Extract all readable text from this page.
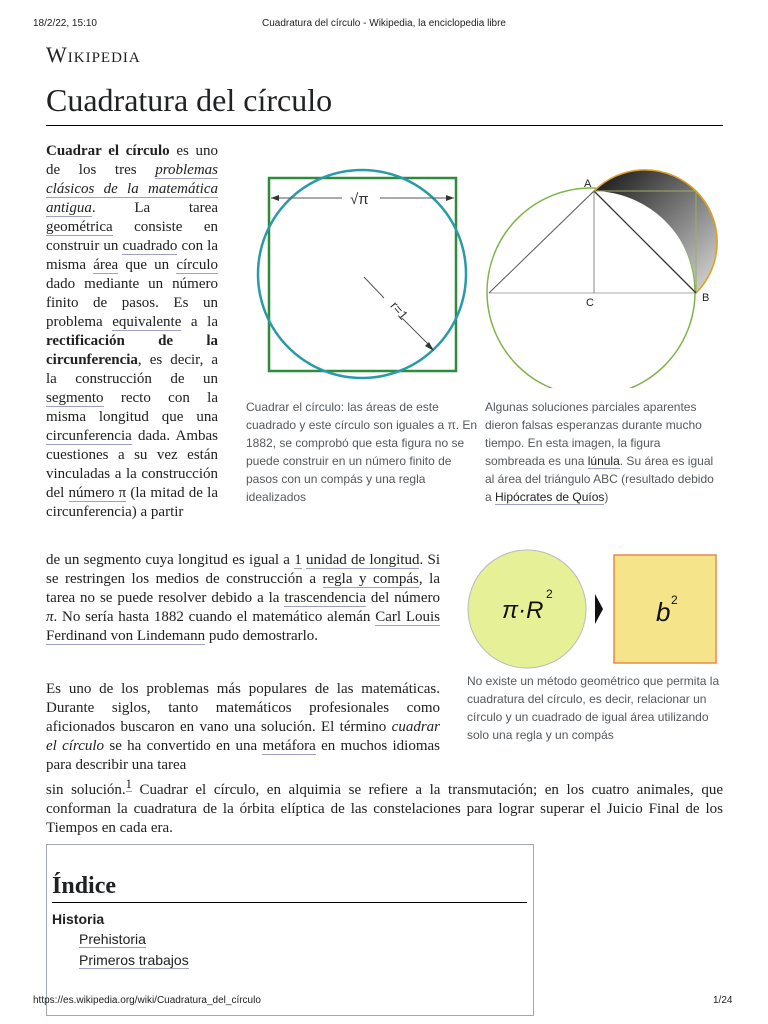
18/2/22, 15:10	Cuadratura del círculo - Wikipedia, la enciclopedia libre
Wikipedia
Cuadratura del círculo
Cuadrar el círculo es uno de los tres problemas clásicos de la matemática antigua. La tarea geométrica consiste en construir un cuadrado con la misma área que un círculo dado mediante un número finito de pasos. Es un problema equivalente a la rectificación de la circunferencia, es decir, a la construcción de un segmento recto con la misma longitud que una circunferencia dada. Ambas cuestiones a su vez están vinculadas a la construcción del número π (la mitad de la circunferencia) a partir
de un segmento cuya longitud es igual a 1 unidad de longitud. Si se restringen los medios de construcción a regla y compás, la tarea no se puede resolver debido a la trascendencia del número π. No sería hasta 1882 cuando el matemático alemán Carl Louis Ferdinand von Lindemann pudo demostrarlo.
Es uno de los problemas más populares de las matemáticas. Durante siglos, tanto matemáticos profesionales como aficionados buscaron en vano una solución. El término cuadrar el círculo se ha convertido en una metáfora en muchos idiomas para describir una tarea
sin solución.$^1$ Cuadrar el círculo, en alquimia se refiere a la transmutación; en los cuatro animales, que conforman la cuadratura de la órbita elíptica de las constelaciones para lograr superar el Juicio Final de los Tiempos en cada era.
√π
r=1
Cuadrar el círculo: las áreas de este cuadrado y este círculo son iguales a π. En 1882, se comprobó que esta figura no se puede construir en un número finito de pasos con un compás y una regla idealizados
A
B
C
Algunas soluciones parciales aparentes dieron falsas esperanzas durante mucho tiempo. En esta imagen, la figura sombreada es una lúnula. Su área es igual al área del triángulo ABC (resultado debido a Hipócrates de Quíos)
π·R
2
b 2
No existe un método geométrico que permita la cuadratura del círculo, es decir, relacionar un círculo y un cuadrado de igual área utilizando solo una regla y un compás
Índice
Historia
Prehistoria
Primeros trabajos
https://es.wikipedia.org/wiki/Cuadratura_del_círculo	1/24
